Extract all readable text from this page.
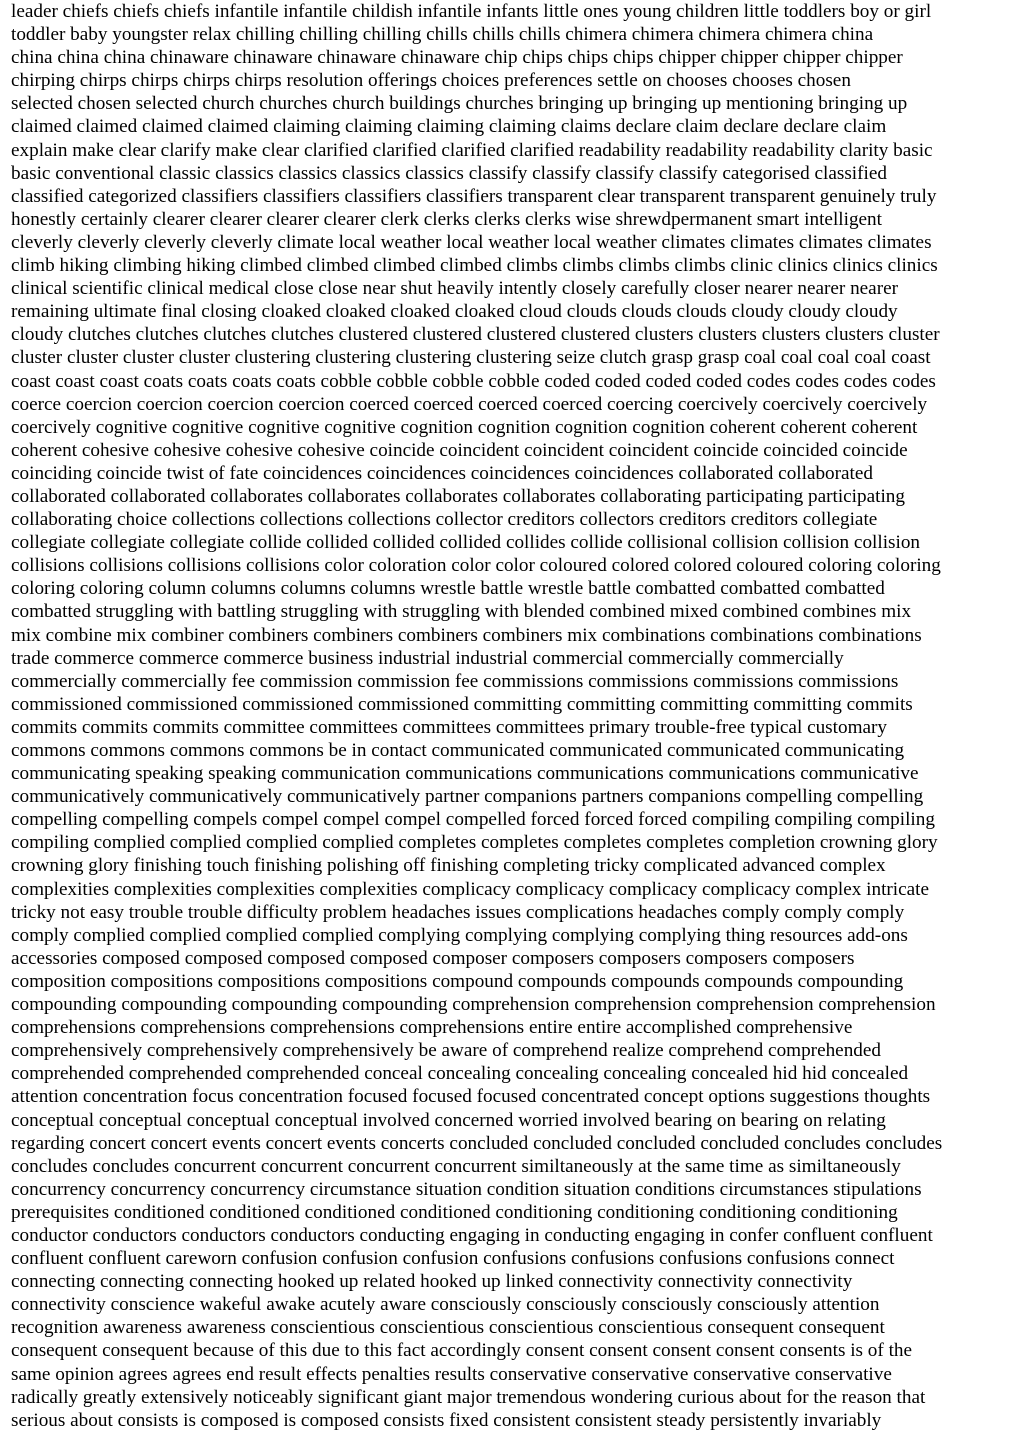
leader chiefs chiefs chiefs infantile infantile childish infantile infants little ones young children little toddlers boy or girl
toddler baby youngster relax chilling chilling chilling chills chills chills chimera chimera chimera chimera china
china china china chinaware chinaware chinaware chinaware chip chips chips chips chipper chipper chipper chipper
chirping chirps chirps chirps chirps resolution offerings choices preferences settle on chooses chooses chosen
selected chosen selected church churches church buildings churches bringing up bringing up mentioning bringing up
claimed claimed claimed claimed claiming claiming claiming claiming claims declare claim declare declare claim
explain make clear clarify make clear clarified clarified clarified clarified readability readability readability clarity basic
basic conventional classic classics classics classics classics classify classify classify classify categorised classified
classified categorized classifiers classifiers classifiers classifiers transparent clear transparent transparent genuinely truly
honestly certainly clearer clearer clearer clearer clerk clerks clerks clerks wise shrewdpermanent smart intelligent
cleverly cleverly cleverly cleverly climate local weather local weather local weather climates climates climates climates
climb hiking climbing hiking climbed climbed climbed climbed climbs climbs climbs climbs clinic clinics clinics clinics
clinical scientific clinical medical close close near shut heavily intently closely carefully closer nearer nearer nearer
remaining ultimate final closing cloaked cloaked cloaked cloaked cloud clouds clouds clouds cloudy cloudy cloudy
cloudy clutches clutches clutches clutches clustered clustered clustered clustered clusters clusters clusters clusters cluster
cluster cluster cluster cluster clustering clustering clustering clustering seize clutch grasp grasp coal coal coal coal coast
coast coast coast coats coats coats coats cobble cobble cobble cobble coded coded coded coded codes codes codes codes
coerce coercion coercion coercion coercion coerced coerced coerced coerced coercing coercively coercively coercively
coercively cognitive cognitive cognitive cognitive cognition cognition cognition cognition coherent coherent coherent
coherent cohesive cohesive cohesive cohesive coincide coincident coincident coincident coincide coincided coincide
coinciding coincide twist of fate coincidences coincidences coincidences coincidences collaborated collaborated
collaborated collaborated collaborates collaborates collaborates collaborates collaborating participating participating
collaborating choice collections collections collections collector creditors collectors creditors creditors collegiate
collegiate collegiate collegiate collide collided collided collided collides collide collisional collision collision collision
collisions collisions collisions collisions color coloration color color coloured colored colored coloured coloring coloring
coloring coloring column columns columns columns wrestle battle wrestle battle combatted combatted combatted
combatted struggling with battling struggling with struggling with blended combined mixed combined combines mix
mix combine mix combiner combiners combiners combiners combiners mix combinations combinations combinations
trade commerce commerce commerce business industrial industrial commercial commercially commercially
commercially commercially fee commission commission fee commissions commissions commissions commissions
commissioned commissioned commissioned commissioned committing committing committing committing commits
commits commits commits committee committees committees committees primary trouble-free typical customary
commons commons commons commons be in contact communicated communicated communicated communicating
communicating speaking speaking communication communications communications communications communicative
communicatively communicatively communicatively partner companions partners companions compelling compelling
compelling compelling compels compel compel compel compelled forced forced forced compiling compiling compiling
compiling complied complied complied complied completes completes completes completes completion crowning glory
crowning glory finishing touch finishing polishing off finishing completing tricky complicated advanced complex
complexities complexities complexities complexities complicacy complicacy complicacy complicacy complex intricate
tricky not easy trouble trouble difficulty problem headaches issues complications headaches comply comply comply
comply complied complied complied complied complying complying complying complying thing resources add-ons
accessories composed composed composed composed composer composers composers composers composers
composition compositions compositions compositions compound compounds compounds compounds compounding
compounding compounding compounding compounding comprehension comprehension comprehension comprehension
comprehensions comprehensions comprehensions comprehensions entire entire accomplished comprehensive
comprehensively comprehensively comprehensively be aware of comprehend realize comprehend comprehended
comprehended comprehended comprehended conceal concealing concealing concealing concealed hid hid concealed
attention concentration focus concentration focused focused focused concentrated concept options suggestions thoughts
conceptual conceptual conceptual conceptual involved concerned worried involved bearing on bearing on relating
regarding concert concert events concert events concerts concluded concluded concluded concluded concludes concludes
concludes concludes concurrent concurrent concurrent concurrent similtaneously at the same time as similtaneously
concurrency concurrency concurrency circumstance situation condition situation conditions circumstances stipulations
prerequisites conditioned conditioned conditioned conditioned conditioning conditioning conditioning conditioning
conductor conductors conductors conductors conducting engaging in conducting engaging in confer confluent confluent
confluent confluent careworn confusion confusion confusion confusions confusions confusions confusions connect
connecting connecting connecting hooked up related hooked up linked connectivity connectivity connectivity
connectivity conscience wakeful awake acutely aware consciously consciously consciously consciously attention
recognition awareness awareness conscientious conscientious conscientious conscientious consequent consequent
consequent consequent because of this due to this fact accordingly consent consent consent consent consents is of the
same opinion agrees agrees end result effects penalties results conservative conservative conservative conservative
radically greatly extensively noticeably significant giant major tremendous wondering curious about for the reason that
serious about consists is composed is composed consists fixed consistent consistent steady persistently invariably
